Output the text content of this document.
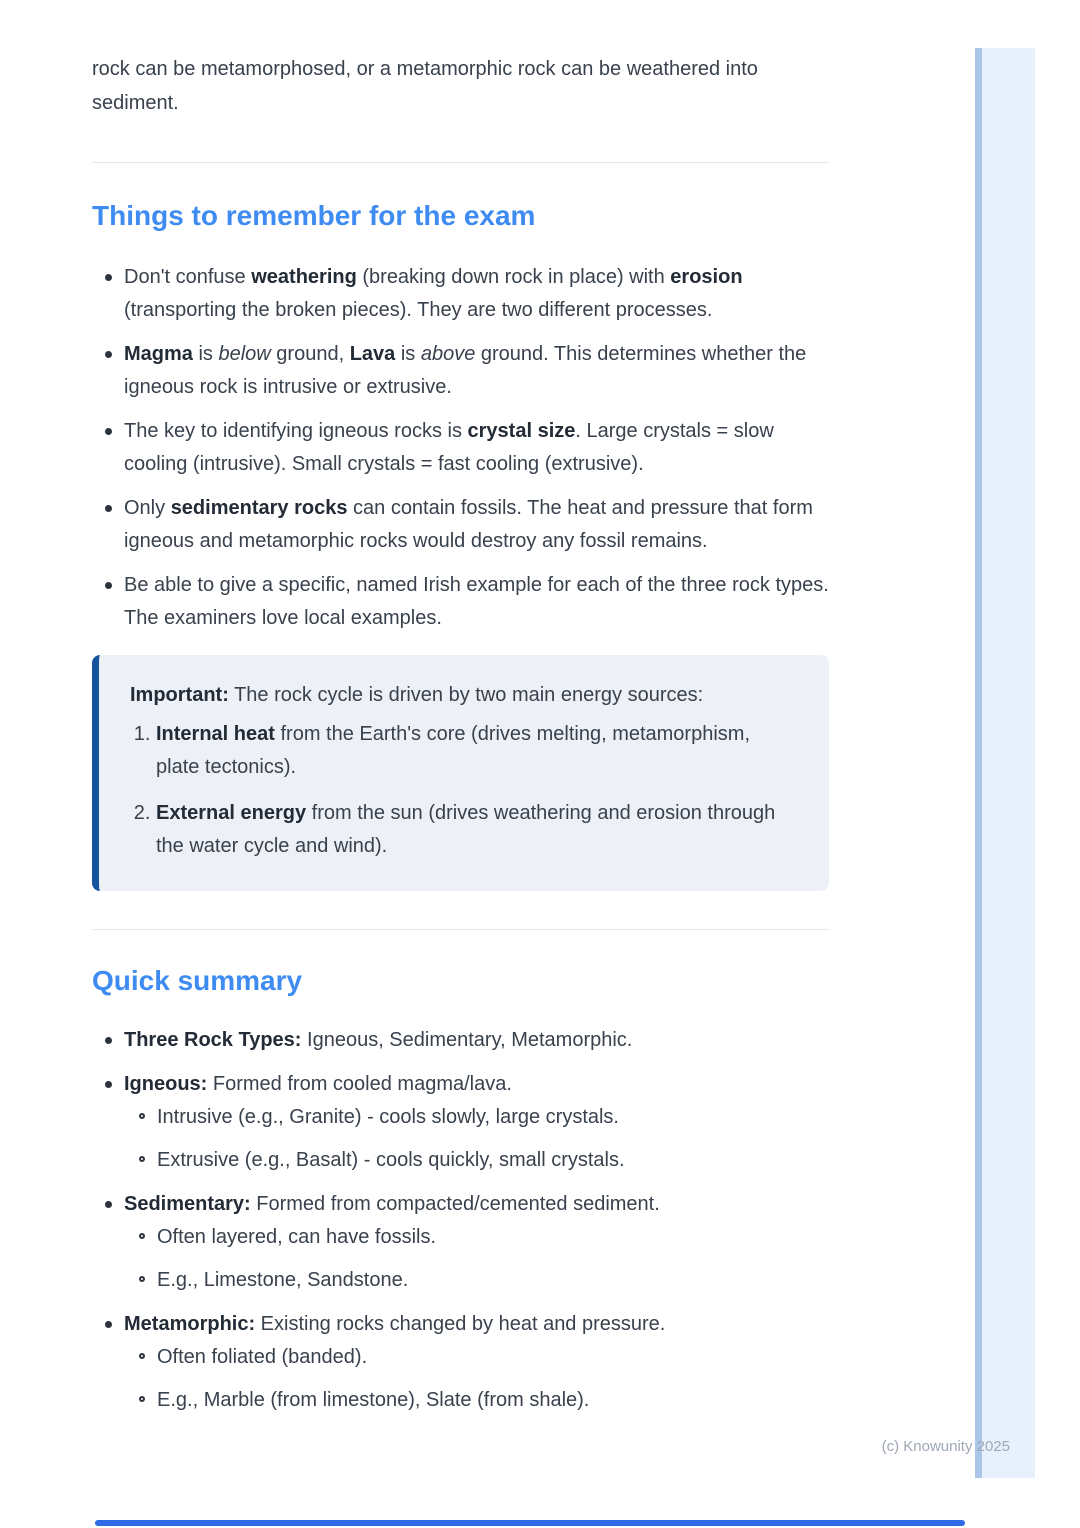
rock can be metamorphosed, or a metamorphic rock can be weathered into sediment.

Things to remember for the exam
Don't confuse weathering (breaking down rock in place) with erosion (transporting the broken pieces). They are two different processes.
Magma is below ground, Lava is above ground. This determines whether the igneous rock is intrusive or extrusive.
The key to identifying igneous rocks is crystal size. Large crystals = slow cooling (intrusive). Small crystals = fast cooling (extrusive).
Only sedimentary rocks can contain fossils. The heat and pressure that form igneous and metamorphic rocks would destroy any fossil remains.
Be able to give a specific, named Irish example for each of the three rock types. The examiners love local examples.

Important: The rock cycle is driven by two main energy sources:

1. Internal heat from the Earth's core (drives melting, metamorphism, plate tectonics).
2. External energy from the sun (drives weathering and erosion through the water cycle and wind).
Quick summary
Three Rock Types: Igneous, Sedimentary, Metamorphic.
Igneous: Formed from cooled magma/lava.
Intrusive (e.g., Granite) - cools slowly, large crystals.
Extrusive (e.g., Basalt) - cools quickly, small crystals.
Sedimentary: Formed from compacted/cemented sediment.
Often layered, can have fossils.
E.g., Limestone, Sandstone.
Metamorphic: Existing rocks changed by heat and pressure.
Often foliated (banded).
E.g., Marble (from limestone), Slate (from shale).
(c) Knowunity 2025
